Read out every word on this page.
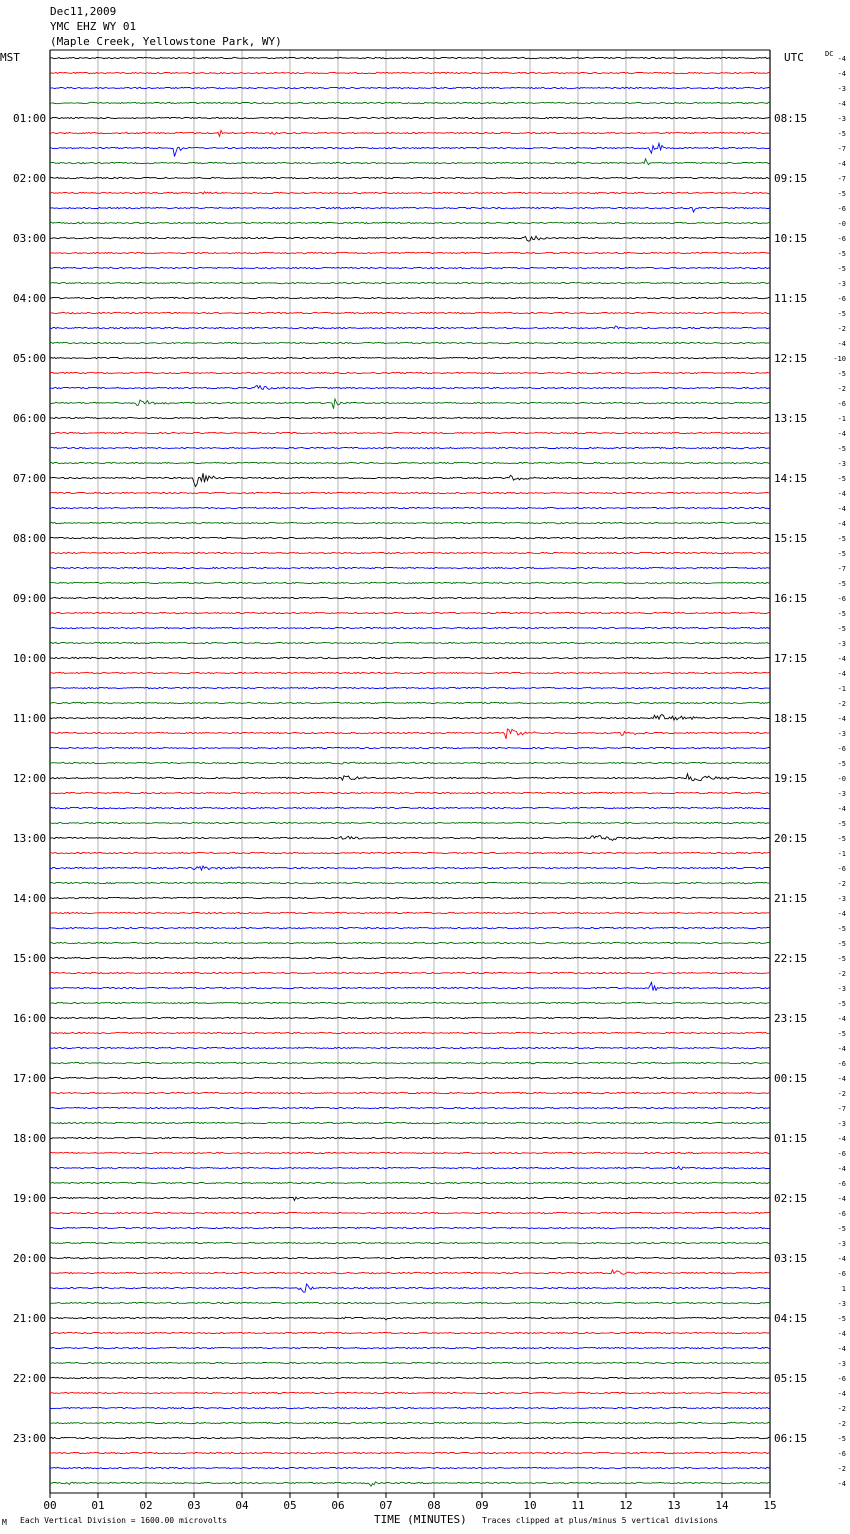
Dec11,2009
YMC EHZ WY 01
(Maple Creek, Yellowstone Park, WY)
MST	UTC	DC
01:00
02:00
03:00
04:00
05:00
06:00
07:00
08:00
09:00
10:00
11:00
12:00
13:00
14:00
15:00
16:00
17:00
18:00
19:00
20:00
21:00
22:00
23:00
08:15
09:15
10:15
11:15
12:15
13:15
14:15
15:15
16:15
17:15
18:15
19:15
20:15
21:15
22:15
23:15
00:15
01:15
02:15
03:15
04:15
05:15
06:15
-4
-4
-3
-4
-3
-5
-7
-4
-7
-5
-6
-0
-6
-5
-5
-3
-6
-5
-2
-4
-10
-5
-2
-6
-1
-4
-5
-3
-5
-4
-4
-4
-5
-5
-7
-5
-6
-5
-5
-3
-4
-4
-1
-2
-4
-3
-6
-5
-0
-3
-4
-5
-5
-1
-6
-2
-3
-4
-5
-5
-5
-2
-3
-5
-4
-5
-4
-6
-4
-2
-7
-3
-4
-6
-4
-6
-4
-6
-5
-3
-4
-6
1
-3
-5
-4
-4
-3
-6
-4
-2
-2
-5
-6
-2
-4
00	01	02	03	04	05	06	07	08	09	10	11	12	13	14	15
TIME (MINUTES)
Each Vertical Division = 1600.00 microvolts	Traces clipped at plus/minus 5 vertical divisions
M
